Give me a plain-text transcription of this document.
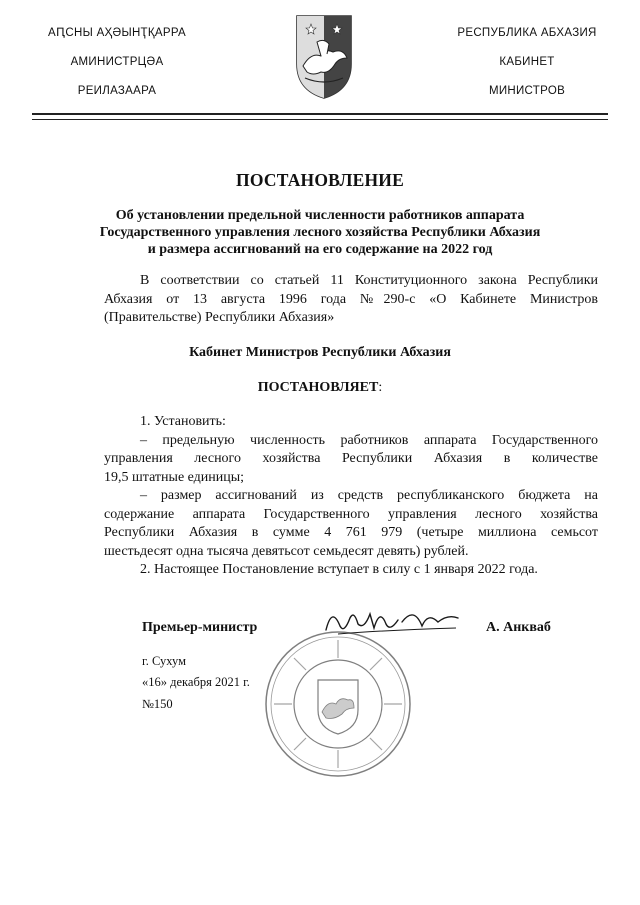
АԤСНЫ АҲӘЫНҬҚАРРА
АМИНИСТРЦӘА
РЕИЛАЗААРА
РЕСПУБЛИКА АБХАЗИЯ
КАБИНЕТ
МИНИСТРОВ
ПОСТАНОВЛЕНИЕ
Об установлении предельной численности работников аппарата
Государственного управления лесного хозяйства Республики Абхазия
и размера ассигнований на его содержание на 2022 год
В соответствии со статьей 11 Конституционного закона Республики
Абхазия от 13 августа 1996 года №290-с «О Кабинете Министров
(Правительстве) Республики Абхазия»
Кабинет Министров Республики Абхазия
ПОСТАНОВЛЯЕТ:
1. Установить:
– предельную численность работников аппарата Государственного
управления лесного хозяйства Республики Абхазия в количестве
19,5 штатные единицы;
– размер ассигнований из средств республиканского бюджета на
содержание аппарата Государственного управления лесного хозяйства
Республики Абхазия в сумме 4 761 979 (четыре миллиона семьсот
шестьдесят одна тысяча девятьсот семьдесят девять) рублей.
2. Настоящее Постановление вступает в силу с 1 января 2022 года.
Премьер-министр	А. Анкваб
г. Сухум
«16» декабря 2021 г.
№150
